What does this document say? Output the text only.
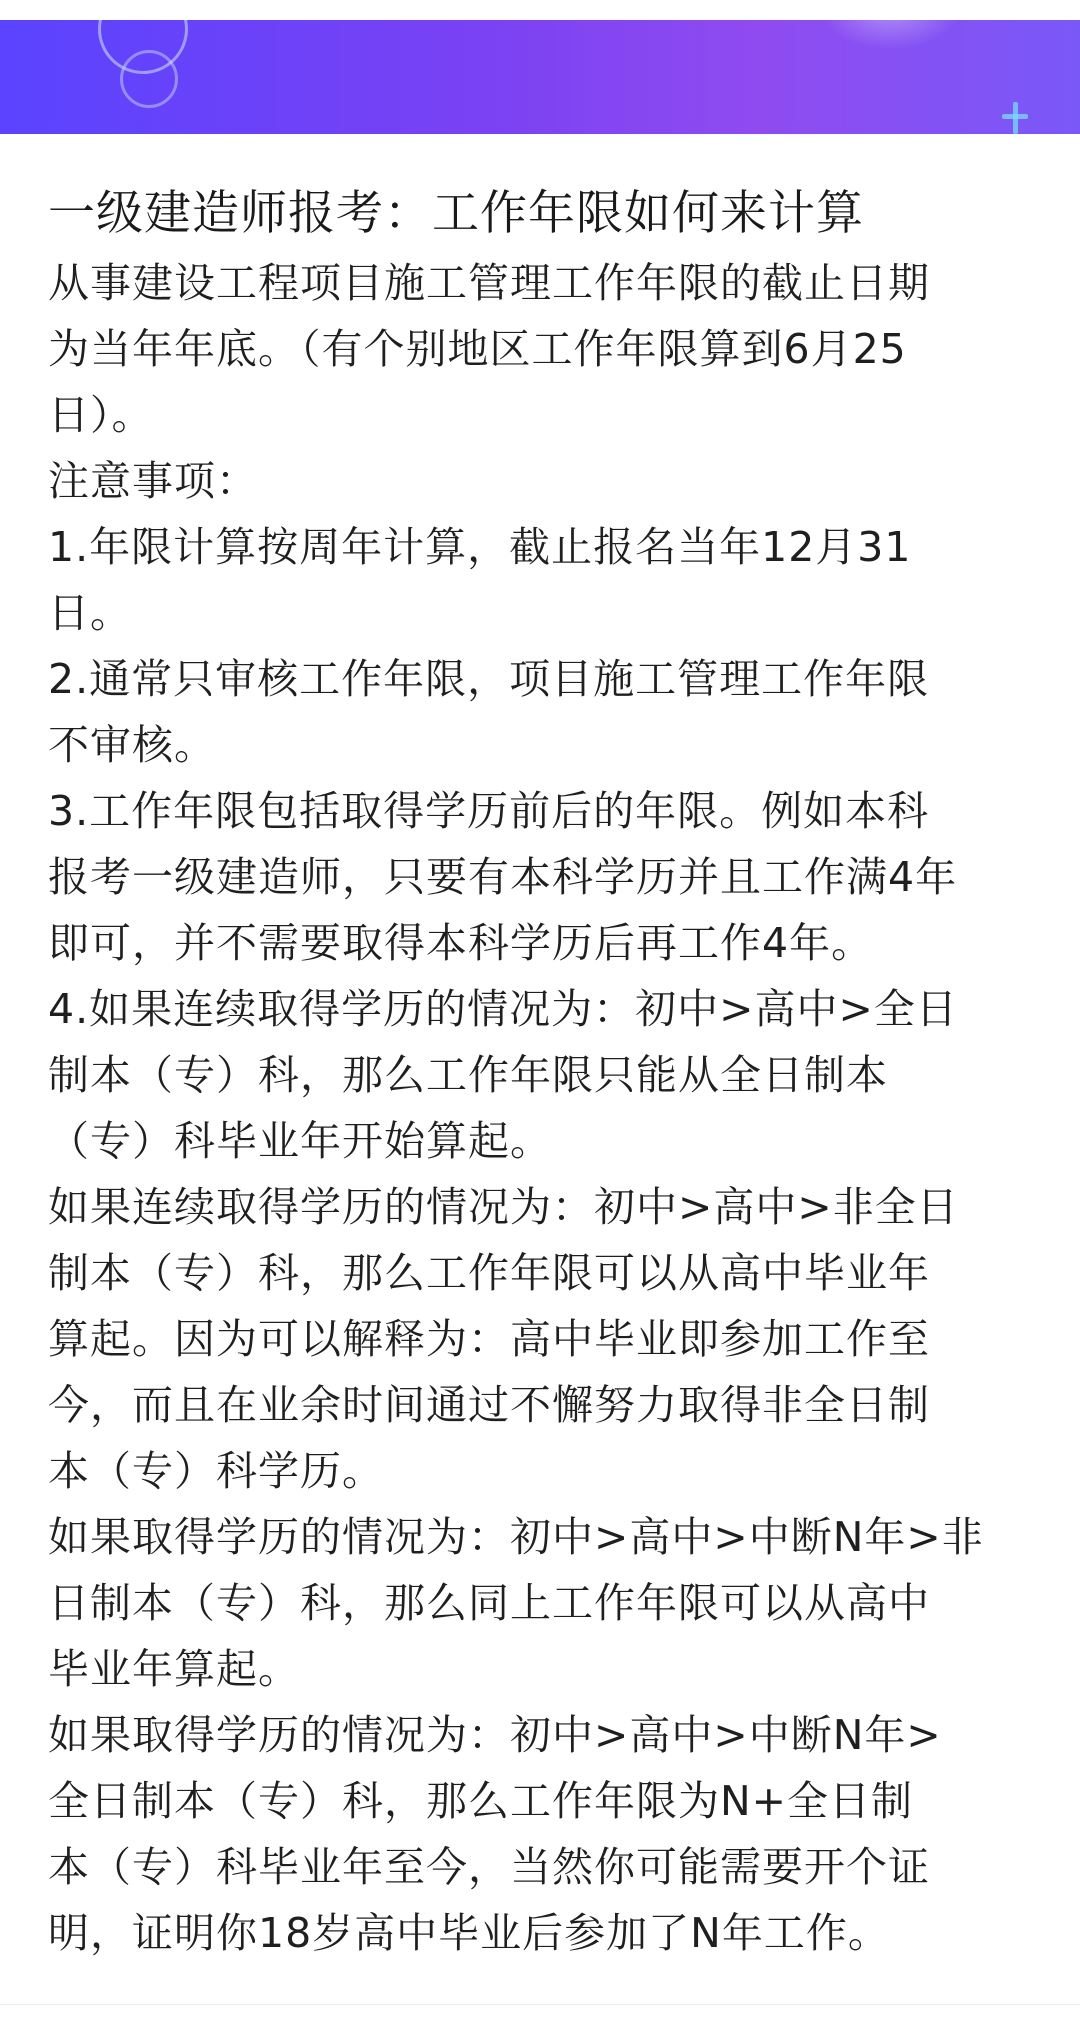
一级建造师报考：工作年限如何来计算

从事建设工程项目施工管理工作年限的截止日期
为当年年底。（有个别地区工作年限算到6月25
日）。

注意事项：

1.年限计算按周年计算，截止报名当年12月31
日。

2.通常只审核工作年限，项目施工管理工作年限
不审核。

3.工作年限包括取得学历前后的年限。例如本科
报考一级建造师，只要有本科学历并且工作满4年
即可，并不需要取得本科学历后再工作4年。

4.如果连续取得学历的情况为：初中>高中>全日
制本（专）科，那么工作年限只能从全日制本
（专）科毕业年开始算起。

如果连续取得学历的情况为：初中>高中>非全日
制本（专）科，那么工作年限可以从高中毕业年
算起。因为可以解释为：高中毕业即参加工作至
今，而且在业余时间通过不懈努力取得非全日制
本（专）科学历。

如果取得学历的情况为：初中>高中>中断N年>非
日制本（专）科，那么同上工作年限可以从高中
毕业年算起。

如果取得学历的情况为：初中>高中>中断N年>
全日制本（专）科，那么工作年限为N+全日制
本（专）科毕业年至今，当然你可能需要开个证
明，证明你18岁高中毕业后参加了N年工作。
